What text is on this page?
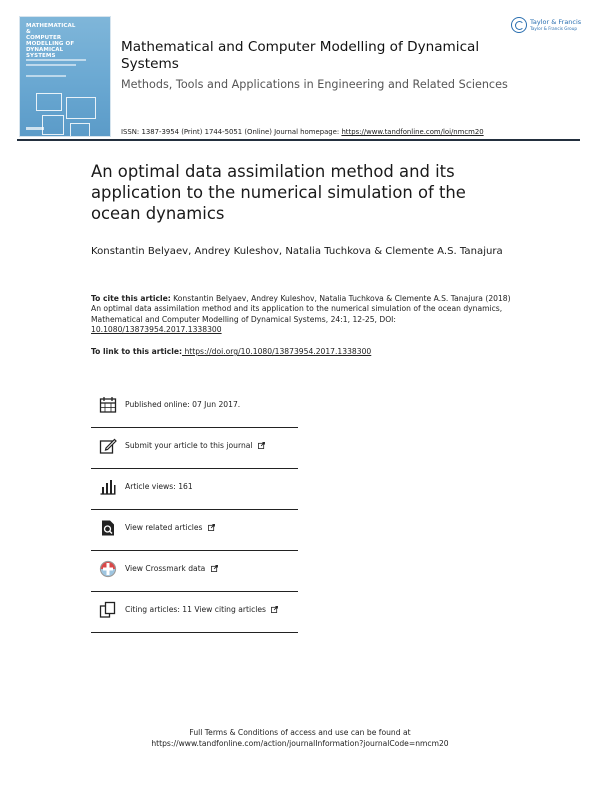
MATHEMATICAL &
COMPUTER
MODELLING OF
DYNAMICAL
SYSTEMS
Mathematical and Computer Modelling of Dynamical Systems
Methods, Tools and Applications in Engineering and Related Sciences
ISSN: 1387-3954 (Print) 1744-5051 (Online) Journal homepage: https://www.tandfonline.com/loi/nmcm20
Taylor & Francis
Taylor & Francis Group
An optimal data assimilation method and its application to the numerical simulation of the ocean dynamics
Konstantin Belyaev, Andrey Kuleshov, Natalia Tuchkova & Clemente A.S. Tanajura
To cite this article: Konstantin Belyaev, Andrey Kuleshov, Natalia Tuchkova & Clemente A.S. Tanajura (2018) An optimal data assimilation method and its application to the numerical simulation of the ocean dynamics, Mathematical and Computer Modelling of Dynamical Systems, 24:1, 12-25, DOI: 10.1080/13873954.2017.1338300
To link to this article: https://doi.org/10.1080/13873954.2017.1338300
Published online: 07 Jun 2017.
Submit your article to this journal
Article views: 161
View related articles
View Crossmark data
Citing articles: 11 View citing articles
Full Terms & Conditions of access and use can be found at
https://www.tandfonline.com/action/journalInformation?journalCode=nmcm20
